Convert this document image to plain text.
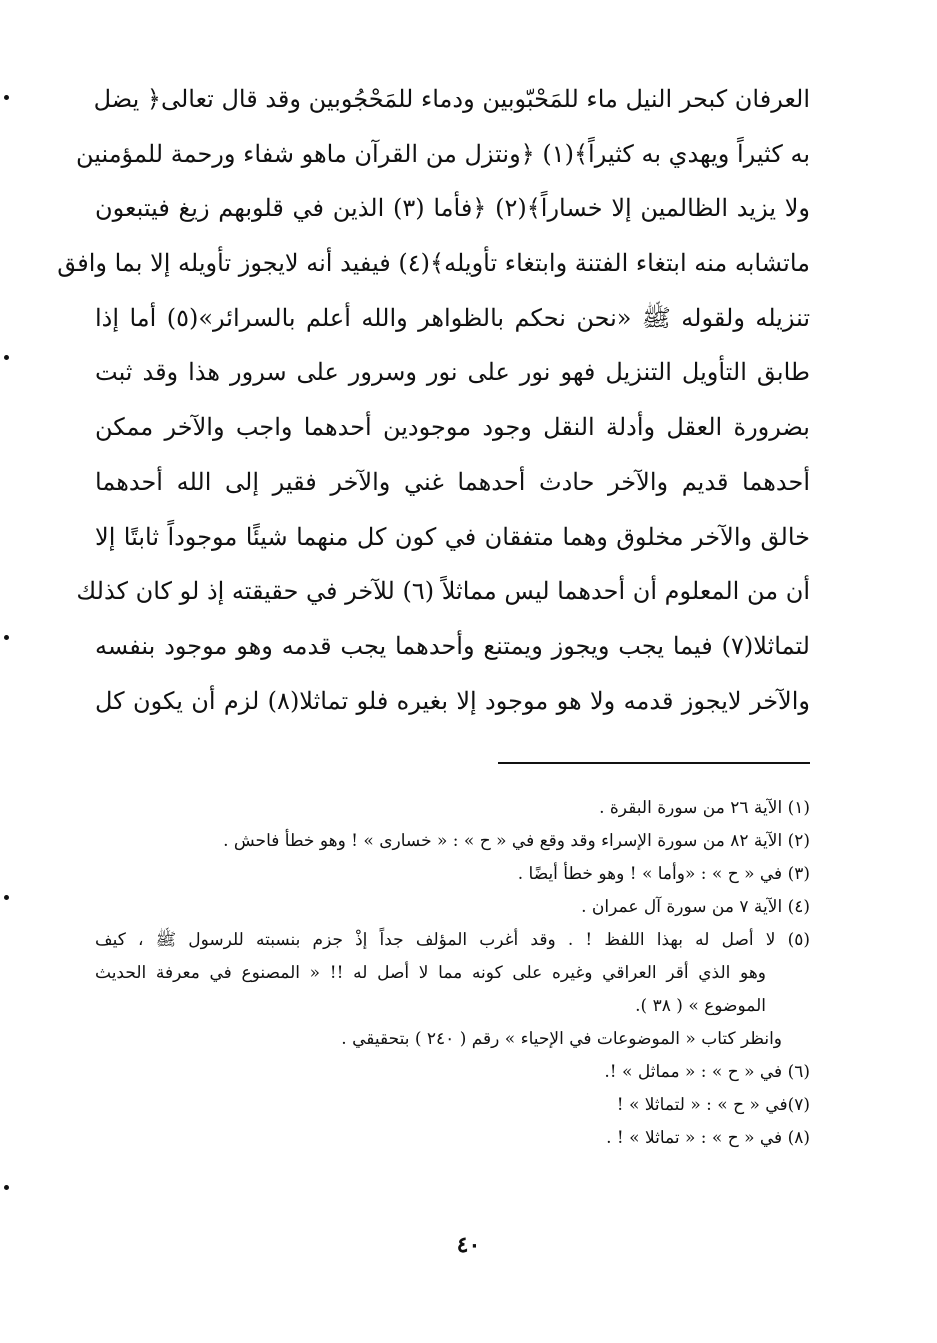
العرفان كبحر النيل ماء للمَحْبّوبين ودماء للمَحْجُوبين وقد قال تعالى﴿ يضل
به كثيراً ويهدي به كثيراً﴾(١) ﴿ونتزل من القرآن ماهو شفاء ورحمة للمؤمنين
ولا يزيد الظالمين إلا خساراً﴾(٢) ﴿فأما (٣) الذين في قلوبهم زيغ فيتبعون
ماتشابه منه ابتغاء الفتنة وابتغاء تأويله﴾(٤) فيفيد أنه لايجوز تأويله إلا بما وافق
تنزيله ولقوله ﷺ «نحن نحكم بالظواهر والله أعلم بالسرائر»(٥) أما إذا
طابق التأويل التنزيل فهو نور على نور وسرور على سرور هذا وقد ثبت
بضرورة العقل وأدلة النقل وجود موجودين أحدهما واجب والآخر ممكن
أحدهما قديم والآخر حادث أحدهما غني والآخر فقير إلى الله أحدهما
خالق والآخر مخلوق وهما متفقان في كون كل منهما شيئًا موجوداً ثابتًا إلا
أن من المعلوم أن أحدهما ليس مماثلاً (٦) للآخر في حقيقته إذ لو كان كذلك
لتماثلا(٧) فيما يجب ويجوز ويمتنع وأحدهما يجب قدمه وهو موجود بنفسه
والآخر لايجوز قدمه ولا هو موجود إلا بغيره فلو تماثلا(٨) لزم أن يكون كل
(١) الآية ٢٦ من سورة البقرة .
(٢) الآية ٨٢ من سورة الإسراء وقد وقع في « ح » : « خسارى » ! وهو خطأ فاحش .
(٣) في « ح » : «وأما » ! وهو خطأ أيضًا .
(٤) الآية ٧ من سورة آل عمران .
(٥) لا أصل له بهذا اللفظ ! . وقد أغرب المؤلف جداً إذْ جزم بنسبته للرسول ﷺ ، كيف
وهو الذي أقر العراقي وغيره على كونه مما لا أصل له !! « المصنوع في معرفة الحديث
الموضوع » ( ٣٨ ).
وانظر كتاب « الموضوعات في الإحياء » رقم ( ٢٤٠ ) بتحقيقي .
(٦) في « ح » : « مماثل » !.
(٧)في « ح » : « لتماثلا » !
(٨) في « ح » : « تماثلا » ! .
٤٠
